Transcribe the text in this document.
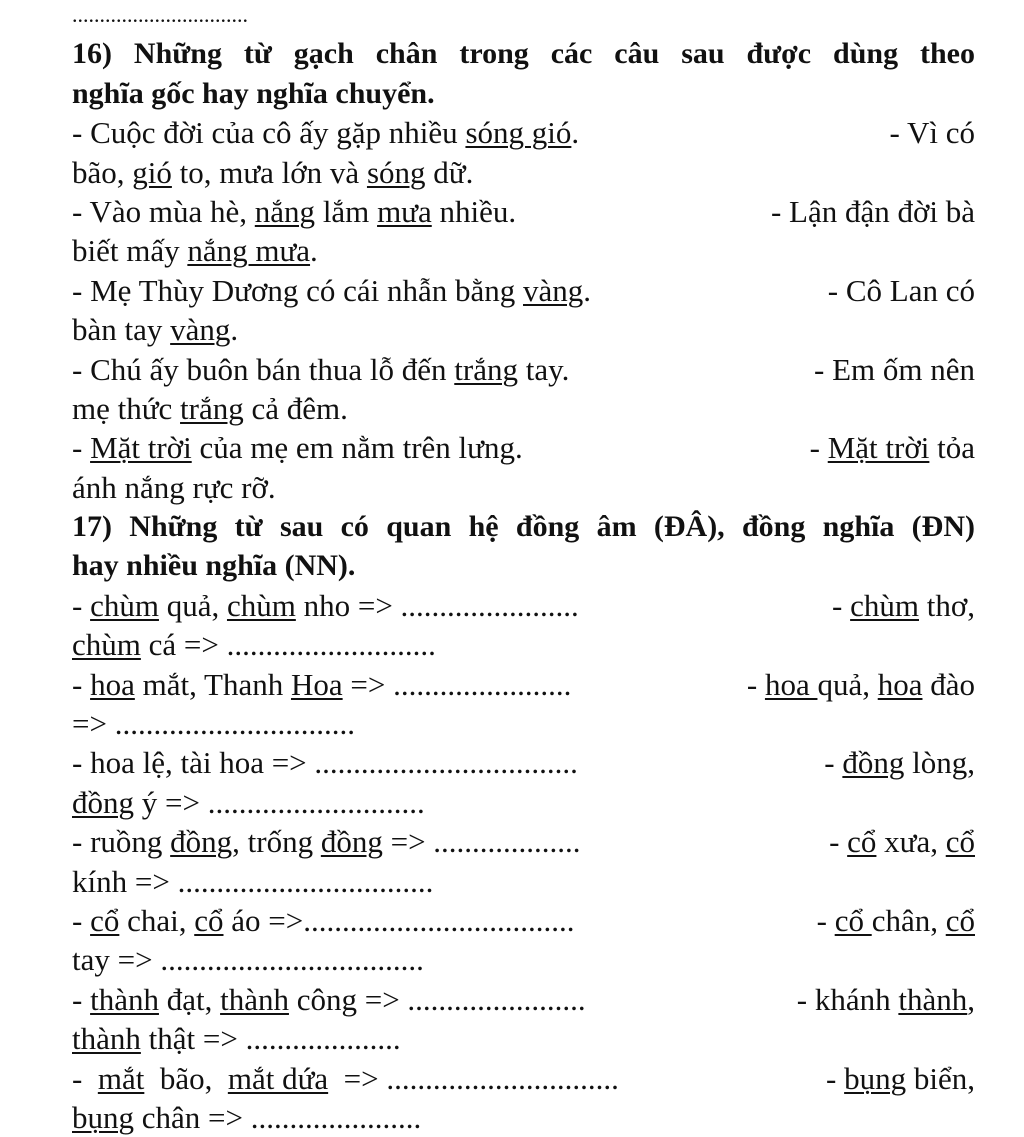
................................
16) Những từ gạch chân trong các câu sau được dùng theo
nghĩa gốc hay nghĩa chuyển.
- Cuộc đời của cô ấy gặp nhiều sóng gió.	- Vì có
bão, gió to, mưa lớn và sóng dữ.
- Vào mùa hè, nắng lắm mưa nhiều.	- Lận đận đời bà
biết mấy nắng mưa.
- Mẹ Thùy Dương có cái nhẫn bằng vàng.	- Cô Lan có
bàn tay vàng.
- Chú ấy buôn bán thua lỗ đến trắng tay.	- Em ốm nên
mẹ thức trắng cả đêm.
- Mặt trời của mẹ em nằm trên lưng.	- Mặt trời tỏa
ánh nắng rực rỡ.
17) Những từ sau có quan hệ đồng âm (ĐÂ), đồng nghĩa (ĐN)
hay nhiều nghĩa (NN).
- chùm quả, chùm nho => .......................	- chùm thơ,
chùm cá => ...........................
- hoa mắt, Thanh Hoa => .......................	- hoa quả, hoa đào
=> ...............................
- hoa lệ, tài hoa => ..................................	- đồng lòng,
đồng ý => ............................
- ruồng đồng, trống đồng => ...................	- cổ xưa, cổ
kính => .................................
- cổ chai, cổ áo =>...................................	- cổ chân, cổ
tay => ..................................
- thành đạt, thành công => .......................	- khánh thành,
thành thật => ....................
-  mắt  bão,  mắt dứa  => ..............................	- bụng biển,
bụng chân => ......................
